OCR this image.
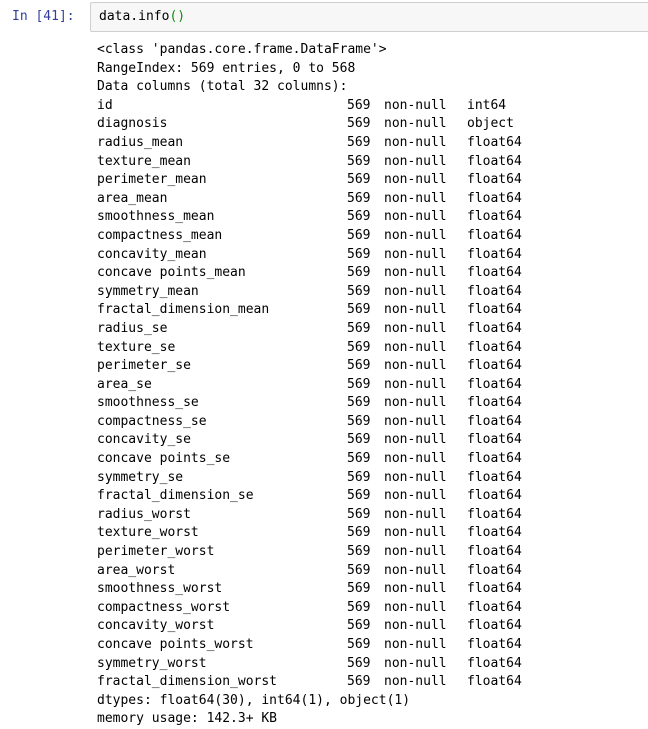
In [41]: data.info()
<class 'pandas.core.frame.DataFrame'>
RangeIndex: 569 entries, 0 to 568
Data columns (total 32 columns):
id	569 non-null int64
diagnosis	569 non-null object
radius_mean	569 non-null float64
texture_mean	569 non-null float64
perimeter_mean	569 non-null float64
area_mean	569 non-null float64
smoothness_mean	569 non-null float64
compactness_mean	569 non-null float64
concavity_mean	569 non-null float64
concave points_mean	569 non-null float64
symmetry_mean	569 non-null float64
fractal_dimension_mean	569 non-null float64
radius_se	569 non-null float64
texture_se	569 non-null float64
perimeter_se	569 non-null float64
area_se	569 non-null float64
smoothness_se	569 non-null float64
compactness_se	569 non-null float64
concavity_se	569 non-null float64
concave points_se	569 non-null float64
symmetry_se	569 non-null float64
fractal_dimension_se	569 non-null float64
radius_worst	569 non-null float64
texture_worst	569 non-null float64
perimeter_worst	569 non-null float64
area_worst	569 non-null float64
smoothness_worst	569 non-null float64
compactness_worst	569 non-null float64
concavity_worst	569 non-null float64
concave points_worst	569 non-null float64
symmetry_worst	569 non-null float64
fractal_dimension_worst	569 non-null float64
dtypes: float64(30), int64(1), object(1)
memory usage: 142.3+ KB
